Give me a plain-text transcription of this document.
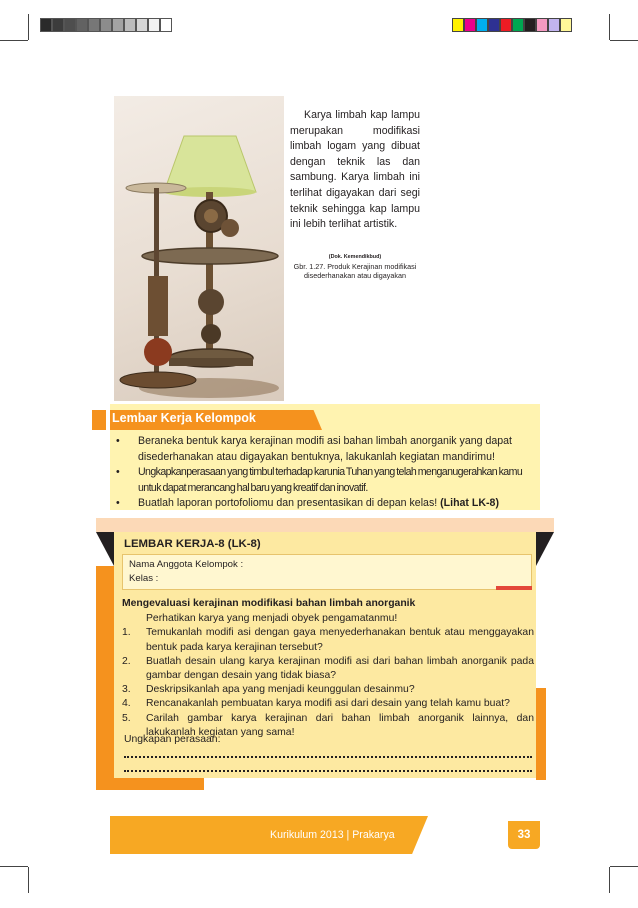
Karya limbah kap lampu merupakan modifikasi limbah logam yang dibuat dengan teknik las dan sambung. Karya limbah ini terlihat digayakan dari segi teknik sehingga kap lampu ini lebih terlihat artistik.
(Dok. Kemendikbud)
Gbr. 1.27. Produk Kerajinan modifikasi disederhanakan atau digayakan
Lembar Kerja Kelompok
• Beraneka bentuk karya kerajinan modifi asi bahan limbah anorganik yang dapat disederhanakan atau digayakan bentuknya, lakukanlah kegiatan mandirimu!
• Ungkapkanperasaan yang timbul terhadap karunia Tuhan yang telah menganugerahkan kamu untuk dapat merancang hal baru yang kreatif dan inovatif.
• Buatlah laporan portofoliomu dan presentasikan di depan kelas! (Lihat LK-8)
LEMBAR KERJA-8 (LK-8)
Nama Anggota Kelompok :
Kelas :
Mengevaluasi kerajinan modifikasi bahan limbah anorganik
Perhatikan karya yang menjadi obyek pengamatanmu!
1. Temukanlah modifi asi dengan gaya menyederhanakan bentuk atau menggayakan bentuk pada karya kerajinan tersebut?
2. Buatlah desain ulang karya kerajinan modifi asi dari bahan limbah anorganik pada gambar dengan desain yang tidak biasa?
3. Deskripsikanlah apa yang menjadi keunggulan desainmu?
4. Rencanakanlah pembuatan karya modifi asi dari desain yang telah kamu buat?
5. Carilah gambar karya kerajinan dari bahan limbah anorganik lainnya, dan lakukanlah kegiatan yang sama!
Ungkapan perasaan:
Kurikulum 2013 | Prakarya	33
